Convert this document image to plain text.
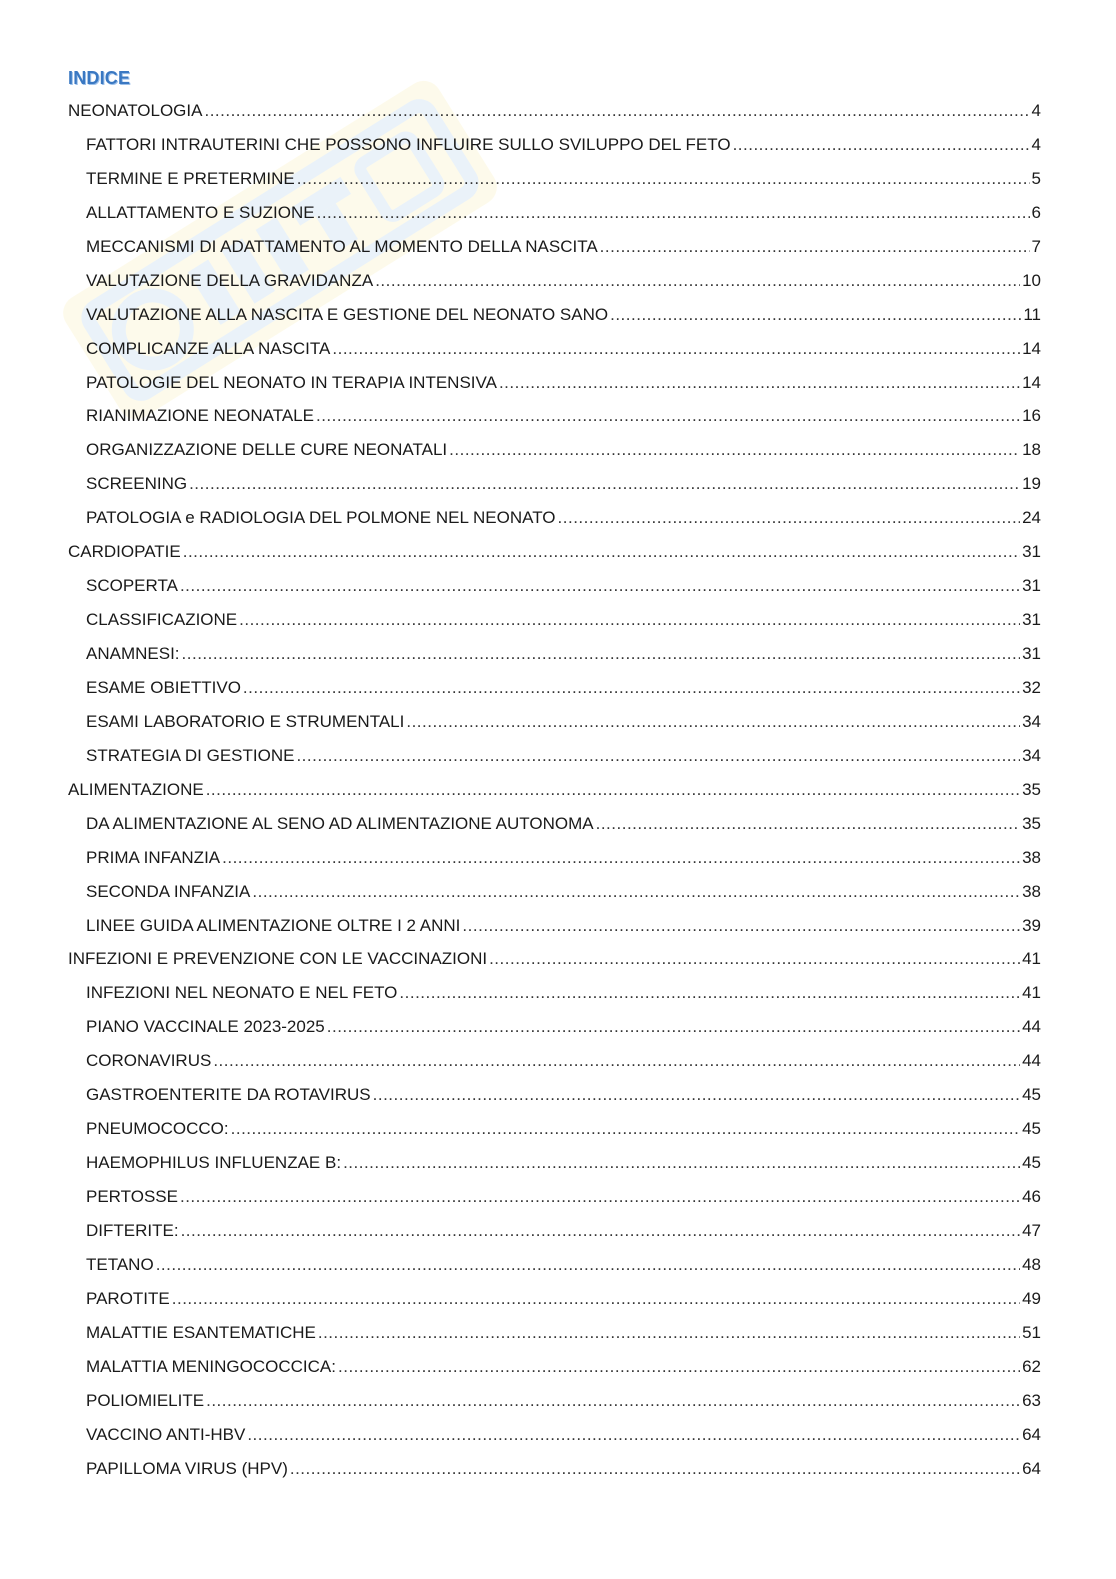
INDICE
NEONATOLOGIA .....	4
FATTORI INTRAUTERINI CHE POSSONO INFLUIRE SULLO SVILUPPO DEL FETO .....	4
TERMINE E PRETERMINE .....	5
ALLATTAMENTO E SUZIONE .....	6
MECCANISMI DI ADATTAMENTO AL MOMENTO DELLA NASCITA .....	7
VALUTAZIONE DELLA GRAVIDANZA .....	10
VALUTAZIONE ALLA NASCITA E GESTIONE DEL NEONATO SANO .....	11
COMPLICANZE ALLA NASCITA .....	14
PATOLOGIE DEL NEONATO IN TERAPIA INTENSIVA .....	14
RIANIMAZIONE NEONATALE .....	16
ORGANIZZAZIONE DELLE CURE NEONATALI .....	18
SCREENING .....	19
PATOLOGIA e RADIOLOGIA DEL POLMONE NEL NEONATO .....	24
CARDIOPATIE .....	31
SCOPERTA .....	31
CLASSIFICAZIONE .....	31
ANAMNESI: .....	31
ESAME OBIETTIVO .....	32
ESAMI LABORATORIO E STRUMENTALI .....	34
STRATEGIA DI GESTIONE .....	34
ALIMENTAZIONE .....	35
DA ALIMENTAZIONE AL SENO AD ALIMENTAZIONE AUTONOMA .....	35
PRIMA INFANZIA .....	38
SECONDA INFANZIA .....	38
LINEE GUIDA ALIMENTAZIONE OLTRE I 2 ANNI .....	39
INFEZIONI E PREVENZIONE CON LE VACCINAZIONI .....	41
INFEZIONI NEL NEONATO E NEL FETO .....	41
PIANO VACCINALE 2023-2025 .....	44
CORONAVIRUS .....	44
GASTROENTERITE DA ROTAVIRUS .....	45
PNEUMOCOCCO: .....	45
HAEMOPHILUS INFLUENZAE B: .....	45
PERTOSSE .....	46
DIFTERITE: .....	47
TETANO .....	48
PAROTITE .....	49
MALATTIE ESANTEMATICHE .....	51
MALATTIA MENINGOCOCCICA: .....	62
POLIOMIELITE .....	63
VACCINO ANTI-HBV .....	64
PAPILLOMA VIRUS (HPV) .....	64
